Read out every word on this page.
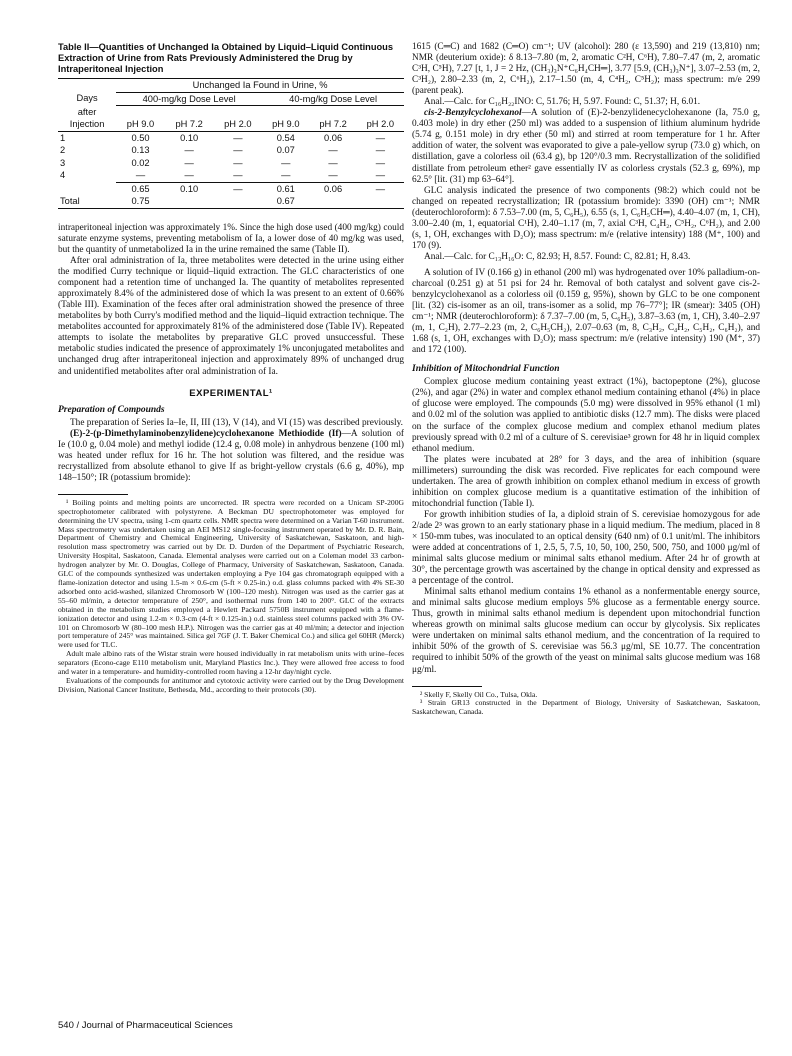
Table II—Quantities of Unchanged Ia Obtained by Liquid–Liquid Continuous Extraction of Urine from Rats Previously Administered the Drug by Intraperitoneal Injection
	Unchanged Ia Found in Urine, %					
Days	400-mg/kg Dose Level			40-mg/kg Dose Level		
after						
Injection	pH 9.0	pH 7.2	pH 2.0	pH 9.0	pH 7.2	pH 2.0
1	0.50	0.10	—	0.54	0.06	—
2	0.13	—	—	0.07	—	—
3	0.02	—	—	—	—	—
4	—	—	—	—	—	—
	0.65	0.10	—	0.61	0.06	—
Total	0.75			0.67		

intraperitoneal injection was approximately 1%. Since the high dose used (400 mg/kg) could saturate enzyme systems, preventing metabolism of Ia, a lower dose of 40 mg/kg was used, but the quantity of unmetabolized Ia in the urine remained the same (Table II).

After oral administration of Ia, three metabolites were detected in the urine using either the modified Curry technique or liquid–liquid extraction. The GLC characteristics of one component had a retention time of unchanged Ia. The quantity of metabolites represented approximately 8.4% of the administered dose of which Ia was present to an extent of 0.66% (Table III). Examination of the feces after oral administration showed the presence of three metabolites by both Curry's modified method and the liquid–liquid extraction technique. The metabolites accounted for approximately 81% of the administered dose (Table IV). Repeated attempts to isolate the metabolites by preparative GLC proved unsuccessful. These metabolic studies indicated the presence of approximately 1% unconjugated metabolites and unchanged drug after intraperitoneal injection and approximately 89% of unchanged drug and unidentified metabolites after oral administration of Ia.

EXPERIMENTAL¹
Preparation of Compounds

The preparation of Series Ia–Ie, II, III (13), V (14), and VI (15) was described previously.

(E)-2-(p-Dimethylaminobenzylidene)cyclohexanone Methiodide (If)—A solution of Ie (10.0 g, 0.04 mole) and methyl iodide (12.4 g, 0.08 mole) in anhydrous benzene (100 ml) was heated under reflux for 16 hr. The hot solution was filtered, and the residue was recrystallized from absolute ethanol to give If as bright-yellow crystals (6.6 g, 40%), mp 148–150°; IR (potassium bromide):

¹ Boiling points and melting points are uncorrected. IR spectra were recorded on a Unicam SP-200G spectrophotometer calibrated with polystyrene. A Beckman DU spectrophotometer was employed for determining the UV spectra, using 1-cm quartz cells. NMR spectra were determined on a Varian T-60 instrument. Mass spectrometry was undertaken using an AEI MS12 single-focusing instrument operated by Mr. D. R. Bain, Department of Chemistry and Chemical Engineering, University of Saskatchewan, Saskatoon, and high-resolution mass spectrometry was carried out by Dr. D. Durden of the Department of Psychiatric Research, University Hospital, Saskatoon, Canada. Elemental analyses were carried out on a Coleman model 33 carbon-hydrogen analyzer by Mr. O. Douglas, College of Pharmacy, University of Saskatchewan, Saskatoon, Canada. GLC of the compounds synthesized was undertaken employing a Pye 104 gas chromatograph equipped with a flame-ionization detector and using 1.5-m × 0.6-cm (5-ft × 0.25-in.) o.d. glass columns packed with 4% SE-30 adsorbed onto acid-washed, silanized Chromosorb W (100–120 mesh). Nitrogen was used as the carrier gas at 55–60 ml/min, a detector temperature of 250°, and isothermal runs from 140 to 200°. GLC of the extracts obtained in the metabolism studies employed a Hewlett Packard 5750B instrument equipped with a flame-ionization detector and using 1.2-m × 0.3-cm (4-ft × 0.125-in.) o.d. stainless steel columns packed with 3% OV-101 on Chromosorb W (80–100 mesh H.P.). Nitrogen was the carrier gas at 40 ml/min; a detector and injection port temperature of 245° was maintained. Silica gel 7GF (J. T. Baker Chemical Co.) and silica gel 60HR (Merck) were used for TLC.

Adult male albino rats of the Wistar strain were housed individually in rat metabolism units with urine–feces separators (Econo-cage E110 metabolism unit, Maryland Plastics Inc.). They were allowed free access to food and water in a temperature- and humidity-controlled room having a 12-hr day/night cycle.

Evaluations of the compounds for antitumor and cytotoxic activity were carried out by the Drug Development Division, National Cancer Institute, Bethesda, Md., according to their protocols (30).

1615 (C═C) and 1682 (C═O) cm⁻¹; UV (alcohol): 280 (ε 13,590) and 219 (13,810) nm; NMR (deuterium oxide): δ 8.13–7.80 (m, 2, aromatic C²H, C⁶H), 7.80–7.47 (m, 2, aromatic C³H, C⁵H), 7.27 [t, 1, J = 2 Hz, (CH₃)₃N⁺C₆H₄CH═], 3.77 [5.9, (CH₃)₃N⁺], 3.07–2.53 (m, 2, C³H₂), 2.80–2.33 (m, 2, C⁶H₂), 2.17–1.50 (m, 4, C⁴H₂, C⁵H₂); mass spectrum: m/e 299 (parent peak).

Anal.—Calc. for C₁₆H₂₂INO: C, 51.76; H, 5.97. Found: C, 51.37; H, 6.01.

cis-2-Benzylcyclohexanol—A solution of (E)-2-benzylidenecyclohexanone (Ia, 75.0 g, 0.403 mole) in dry ether (250 ml) was added to a suspension of lithium aluminum hydride (5.74 g, 0.151 mole) in dry ether (50 ml) and stirred at room temperature for 1 hr. After addition of water, the solvent was evaporated to give a pale-yellow syrup (73.0 g) which, on distillation, gave a colorless oil (63.4 g), bp 120°/0.3 mm. Recrystallization of the solidified distillate from petroleum ether² gave essentially IV as colorless crystals (52.3 g, 69%), mp 62.5° [lit. (31) mp 63–64°].

GLC analysis indicated the presence of two components (98:2) which could not be changed on repeated recrystallization; IR (potassium bromide): 3390 (OH) cm⁻¹; NMR (deuterochloroform): δ 7.53–7.00 (m, 5, C₆H₅), 6.55 (s, 1, C₆H₅CH═), 4.40–4.07 (m, 1, CH), 3.00–2.40 (m, 1, equatorial C¹H), 2.40–1.17 (m, 7, axial C³H, C₄H₂, C⁵H₂, C⁶H₂), and 2.00 (s, 1, OH, exchanges with D₂O); mass spectrum: m/e (relative intensity) 188 (M⁺, 100) and 170 (9).

Anal.—Calc. for C₁₃H₁₆O: C, 82.93; H, 8.57. Found: C, 82.81; H, 8.43.

A solution of IV (0.166 g) in ethanol (200 ml) was hydrogenated over 10% palladium-on-charcoal (0.251 g) at 51 psi for 24 hr. Removal of both catalyst and solvent gave cis-2-benzylcyclohexanol as a colorless oil (0.159 g, 95%), shown by GLC to be one component [lit. (32) cis-isomer as an oil, trans-isomer as a solid, mp 76–77°]; IR (smear): 3405 (OH) cm⁻¹; NMR (deuterochloroform): δ 7.37–7.00 (m, 5, C₆H₅), 3.87–3.63 (m, 1, CH), 3.40–2.97 (m, 1, C₂H), 2.77–2.23 (m, 2, C₆H₅CH₂), 2.07–0.63 (m, 8, C₃H₂, C₄H₂, C₅H₂, C₆H₂), and 1.68 (s, 1, OH, exchanges with D₂O); mass spectrum: m/e (relative intensity) 190 (M⁺, 37) and 172 (100).

Inhibition of Mitochondrial Function

Complex glucose medium containing yeast extract (1%), bactopeptone (2%), glucose (2%), and agar (2%) in water and complex ethanol medium containing ethanol (4%) in place of glucose were employed. The compounds (5.0 mg) were dissolved in 95% ethanol (1 ml) and 0.02 ml of the solution was applied to antibiotic disks (12.7 mm). The disks were placed on the surface of the complex glucose medium and complex ethanol medium plates previously spread with 0.2 ml of a culture of S. cerevisiae³ grown for 48 hr in liquid complex ethanol medium.

The plates were incubated at 28° for 3 days, and the area of inhibition (square millimeters) surrounding the disk was recorded. Five replicates for each compound were undertaken. The area of growth inhibition on complex ethanol medium in excess of growth inhibition on complex glucose medium is a quantitative estimation of the inhibition of mitochondrial function (Table I).

For growth inhibition studies of Ia, a diploid strain of S. cerevisiae homozygous for ade 2/ade 2³ was grown to an early stationary phase in a liquid medium. The medium, placed in 8 × 150-mm tubes, was inoculated to an optical density (640 nm) of 0.1 unit/ml. The inhibitors were added at concentrations of 1, 2.5, 5, 7.5, 10, 50, 100, 250, 500, 750, and 1000 μg/ml of minimal salts glucose medium or minimal salts ethanol medium. After 24 hr of growth at 30°, the percentage growth was ascertained by the change in optical density and expressed as a percentage of the control.

Minimal salts ethanol medium contains 1% ethanol as a nonfermentable energy source, and minimal salts glucose medium employs 5% glucose as a fermentable energy source. Thus, growth in minimal salts ethanol medium is dependent upon mitochondrial function whereas growth on minimal salts glucose medium can occur by glycolysis. Six replicates were undertaken on minimal salts ethanol medium, and the concentration of Ia required to inhibit 50% of the growth of S. cerevisiae was 56.3 μg/ml, SE 10.77. The concentration required to inhibit 50% of the growth of the yeast on minimal salts glucose medium was 168 μg/ml.

² Skelly F, Skelly Oil Co., Tulsa, Okla.

³ Strain GR13 constructed in the Department of Biology, University of Saskatchewan, Saskatoon, Saskatchewan, Canada.

540 / Journal of Pharmaceutical Sciences
